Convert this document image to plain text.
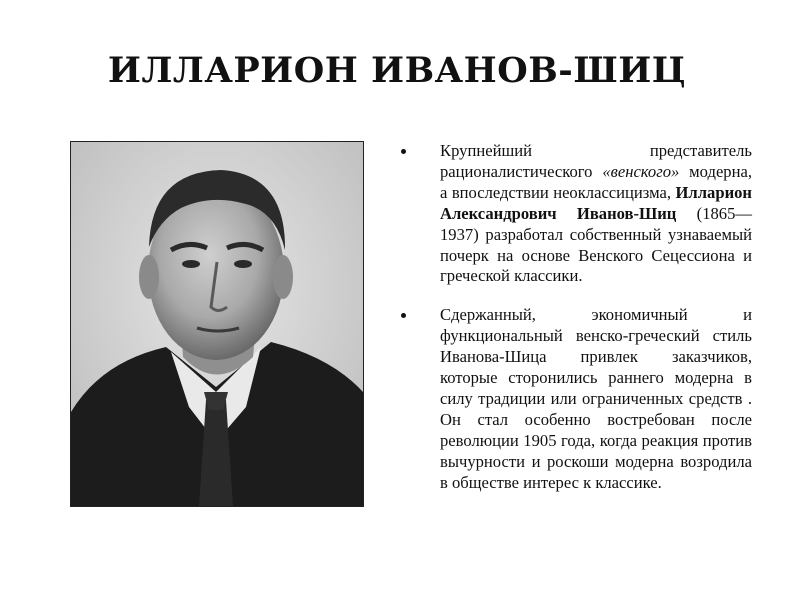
ИЛЛАРИОН ИВАНОВ-ШИЦ
Крупнейший представитель рационалистического «венского» модерна, а впоследствии неоклассицизма, Илларион Александрович Иванов-Шиц (1865—1937) разработал собственный узнаваемый почерк на основе Венского Сецессиона и греческой классики.
Сдержанный, экономичный и функциональный венско-греческий стиль Иванова-Шица привлек заказчиков, которые сторонились раннего модерна в силу традиции или ограниченных средств . Он стал особенно востребован после революции 1905 года, когда реакция против вычурности и роскоши модерна возродила в обществе интерес к классике.
